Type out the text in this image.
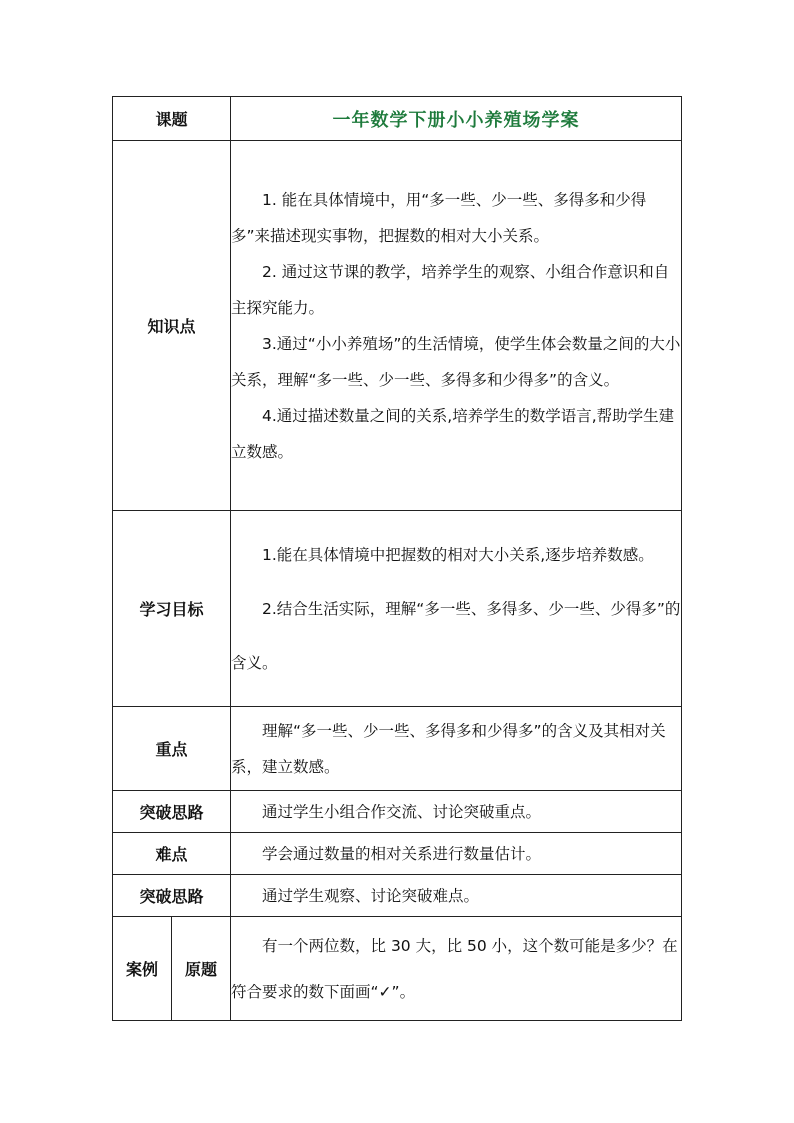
课题		一年数学下册小小养殖场学案
知识点		1. 能在具体情境中，用“多一些、少一些、多得多和少得多”来描述现实事物，把握数的相对大小关系。

2. 通过这节课的教学，培养学生的观察、小组合作意识和自主探究能力。

3.通过“小小养殖场”的生活情境，使学生体会数量之间的大小关系，理解“多一些、少一些、多得多和少得多”的含义。

4.通过描述数量之间的关系,培养学生的数学语言,帮助学生建立数感。

学习目标		1.能在具体情境中把握数的相对大小关系,逐步培养数感。

2.结合生活实际，理解“多一些、多得多、少一些、少得多”的含义。

重点		理解“多一些、少一些、多得多和少得多”的含义及其相对关系，建立数感。

突破思路		通过学生小组合作交流、讨论突破重点。

难点		学会通过数量的相对关系进行数量估计。

突破思路		通过学生观察、讨论突破难点。

案例	原题	有一个两位数，比 30 大，比 50 小，这个数可能是多少？在符合要求的数下面画“✓”。
